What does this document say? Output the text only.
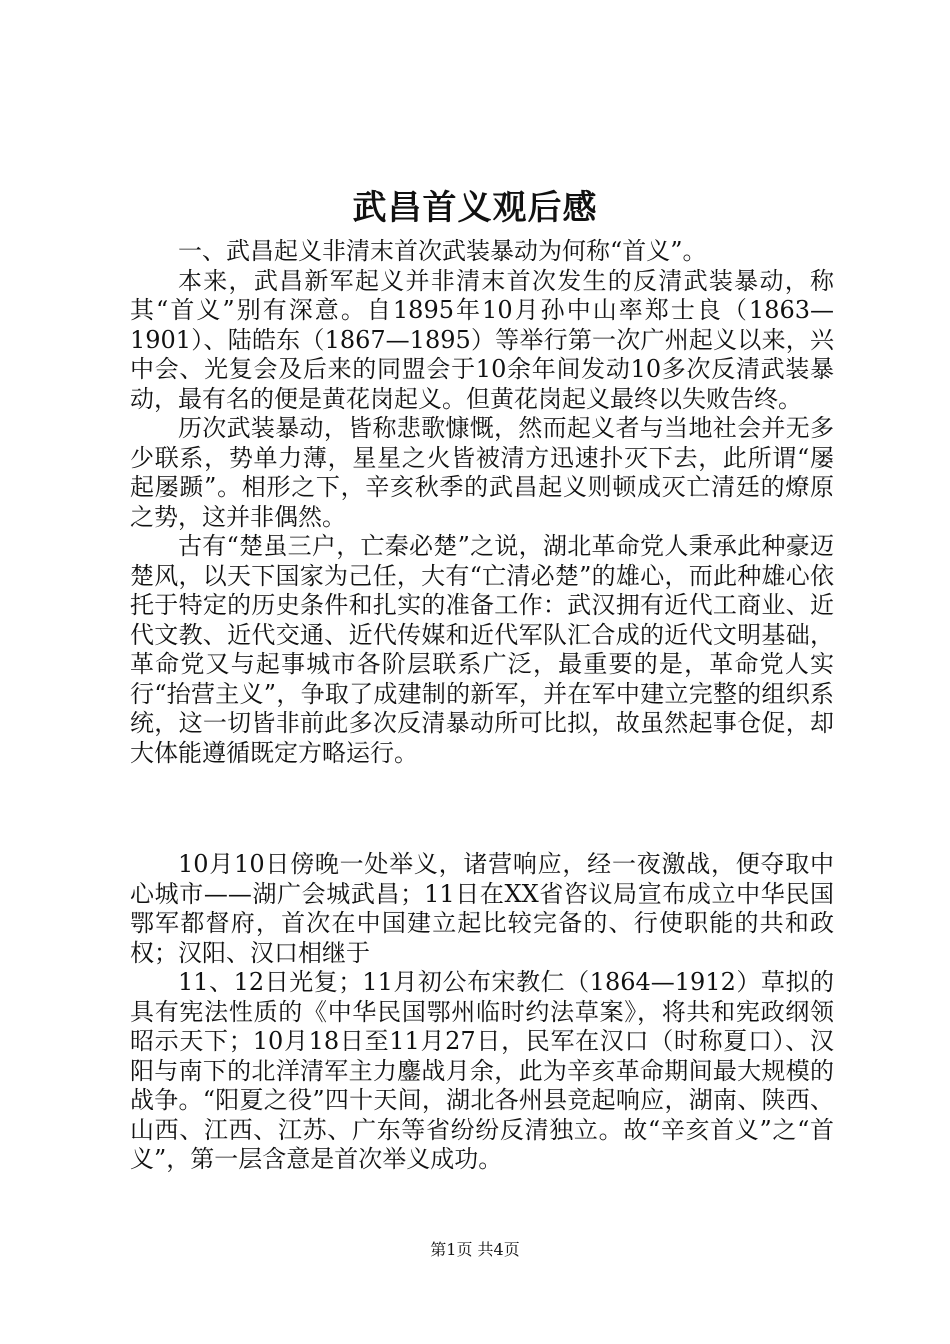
武昌首义观后感

一、武昌起义非清末首次武装暴动为何称“首义”。

本来，武昌新军起义并非清末首次发生的反清武装暴动，称其“首义”别有深意。自1895年10月孙中山率郑士良（1863—1901）、陆皓东（1867—1895）等举行第一次广州起义以来，兴中会、光复会及后来的同盟会于10余年间发动10多次反清武装暴动，最有名的便是黄花岗起义。但黄花岗起义最终以失败告终。

历次武装暴动，皆称悲歌慷慨，然而起义者与当地社会并无多少联系，势单力薄，星星之火皆被清方迅速扑灭下去，此所谓“屡起屡踬”。相形之下，辛亥秋季的武昌起义则顿成灭亡清廷的燎原之势，这并非偶然。

古有“楚虽三户，亡秦必楚”之说，湖北革命党人秉承此种豪迈楚风，以天下国家为己任，大有“亡清必楚”的雄心，而此种雄心依托于特定的历史条件和扎实的准备工作：武汉拥有近代工商业、近代文教、近代交通、近代传媒和近代军队汇合成的近代文明基础，革命党又与起事城市各阶层联系广泛，最重要的是，革命党人实行“抬营主义”，争取了成建制的新军，并在军中建立完整的组织系统，这一切皆非前此多次反清暴动所可比拟，故虽然起事仓促，却大体能遵循既定方略运行。

10月10日傍晚一处举义，诸营响应，经一夜激战，便夺取中心城市——湖广会城武昌；11日在XX省咨议局宣布成立中华民国鄂军都督府，首次在中国建立起比较完备的、行使职能的共和政权；汉阳、汉口相继于

11、12日光复；11月初公布宋教仁（1864—1912）草拟的具有宪法性质的《中华民国鄂州临时约法草案》，将共和宪政纲领昭示天下；10月18日至11月27日，民军在汉口（时称夏口）、汉阳与南下的北洋清军主力鏖战月余，此为辛亥革命期间最大规模的战争。“阳夏之役”四十天间，湖北各州县竞起响应，湖南、陕西、山西、江西、江苏、广东等省纷纷反清独立。故“辛亥首义”之“首义”，第一层含意是首次举义成功。

第1页 共4页
